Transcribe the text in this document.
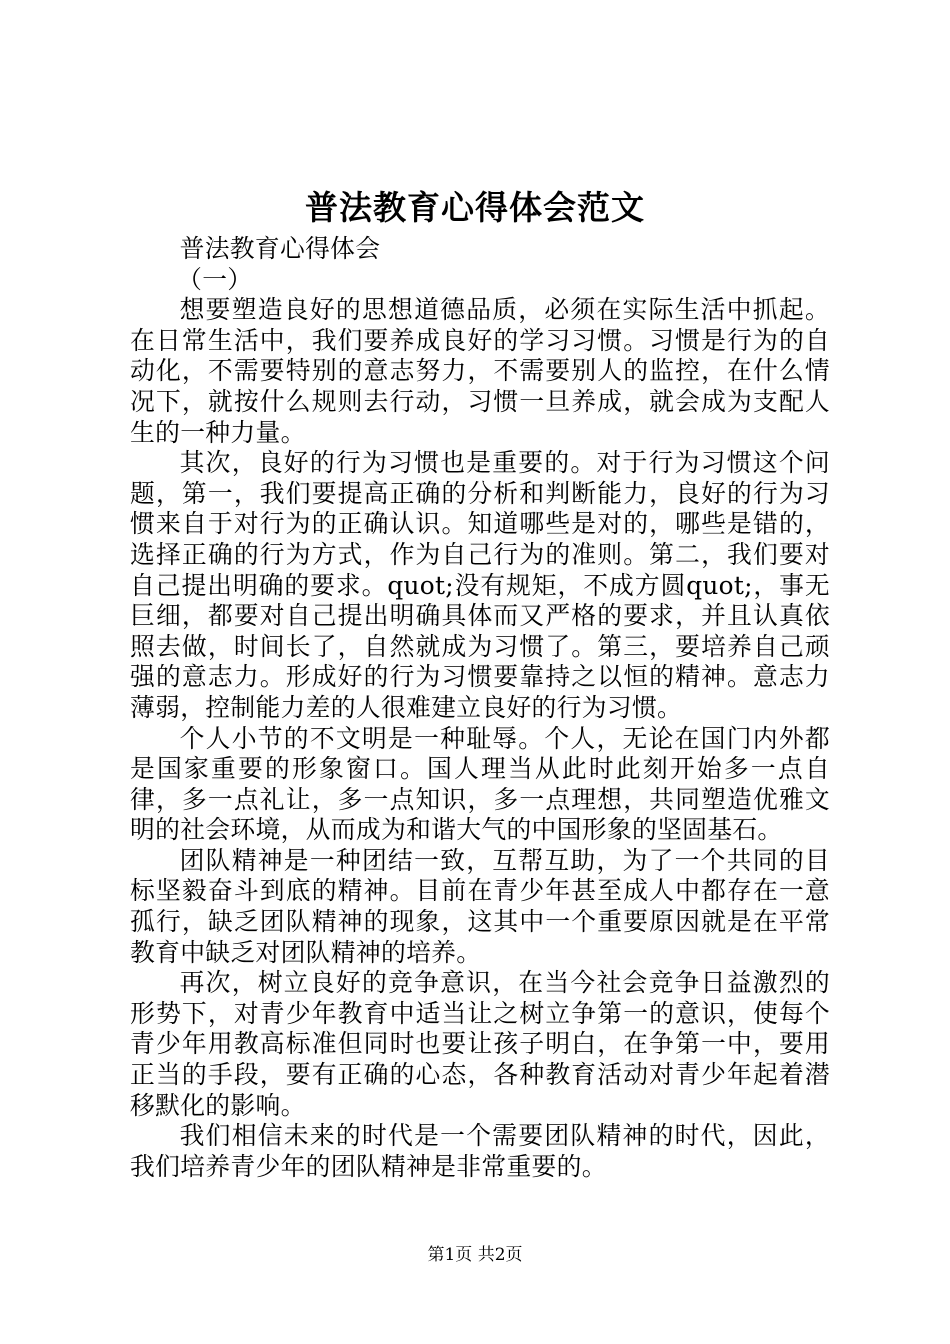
普法教育心得体会范文

普法教育心得体会

（一）

想要塑造良好的思想道德品质，必须在实际生活中抓起。在日常生活中，我们要养成良好的学习习惯。习惯是行为的自动化，不需要特别的意志努力，不需要别人的监控，在什么情况下，就按什么规则去行动，习惯一旦养成，就会成为支配人生的一种力量。

其次，良好的行为习惯也是重要的。对于行为习惯这个问题，第一，我们要提高正确的分析和判断能力，良好的行为习惯来自于对行为的正确认识。知道哪些是对的，哪些是错的，选择正确的行为方式，作为自己行为的准则。第二，我们要对自己提出明确的要求。quot;没有规矩，不成方圆quot;，事无巨细，都要对自己提出明确具体而又严格的要求，并且认真依照去做，时间长了，自然就成为习惯了。第三，要培养自己顽强的意志力。形成好的行为习惯要靠持之以恒的精神。意志力薄弱，控制能力差的人很难建立良好的行为习惯。

个人小节的不文明是一种耻辱。个人，无论在国门内外都是国家重要的形象窗口。国人理当从此时此刻开始多一点自律，多一点礼让，多一点知识，多一点理想，共同塑造优雅文明的社会环境，从而成为和谐大气的中国形象的坚固基石。

团队精神是一种团结一致，互帮互助，为了一个共同的目标坚毅奋斗到底的精神。目前在青少年甚至成人中都存在一意孤行，缺乏团队精神的现象，这其中一个重要原因就是在平常教育中缺乏对团队精神的培养。

再次，树立良好的竞争意识，在当今社会竞争日益激烈的形势下，对青少年教育中适当让之树立争第一的意识，使每个青少年用教高标准但同时也要让孩子明白，在争第一中，要用正当的手段，要有正确的心态，各种教育活动对青少年起着潜移默化的影响。

我们相信未来的时代是一个需要团队精神的时代，因此，我们培养青少年的团队精神是非常重要的。

第1页 共2页
